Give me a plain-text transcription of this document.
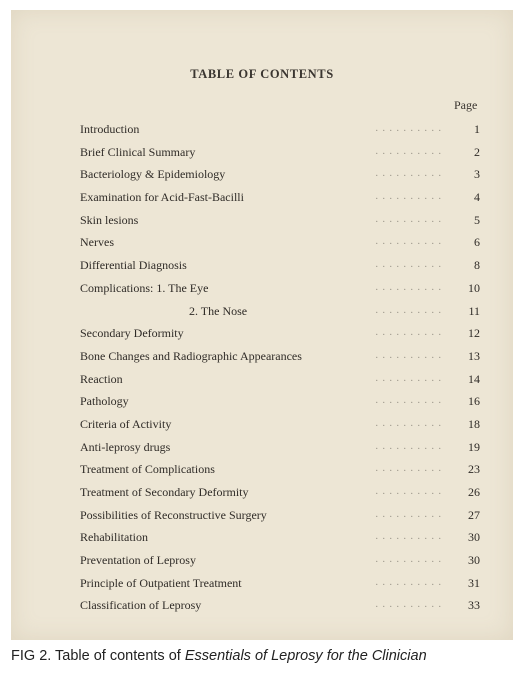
TABLE OF CONTENTS
Page
Introduction	. . . . . . . . . .	1
Brief Clinical Summary	. . . . . . . . . .	2
Bacteriology & Epidemiology	. . . . . . . . . .	3
Examination for Acid-Fast-Bacilli	. . . . . . . . . .	4
Skin lesions	. . . . . . . . . .	5
Nerves	. . . . . . . . . .	6
Differential Diagnosis	. . . . . . . . . .	8
Complications: 1. The Eye	. . . . . . . . . .	10
2. The Nose	. . . . . . . . . .	11
Secondary Deformity	. . . . . . . . . .	12
Bone Changes and Radiographic Appearances	. . . . . . . . . .	13
Reaction	. . . . . . . . . .	14
Pathology	. . . . . . . . . .	16
Criteria of Activity	. . . . . . . . . .	18
Anti-leprosy drugs	. . . . . . . . . .	19
Treatment of Complications	. . . . . . . . . .	23
Treatment of Secondary Deformity	. . . . . . . . . .	26
Possibilities of Reconstructive Surgery	. . . . . . . . . .	27
Rehabilitation	. . . . . . . . . .	30
Preventation of Leprosy	. . . . . . . . . .	30
Principle of Outpatient Treatment	. . . . . . . . . .	31
Classification of Leprosy	. . . . . . . . . .	33
FIG 2. Table of contents of Essentials of Leprosy for the Clinician
